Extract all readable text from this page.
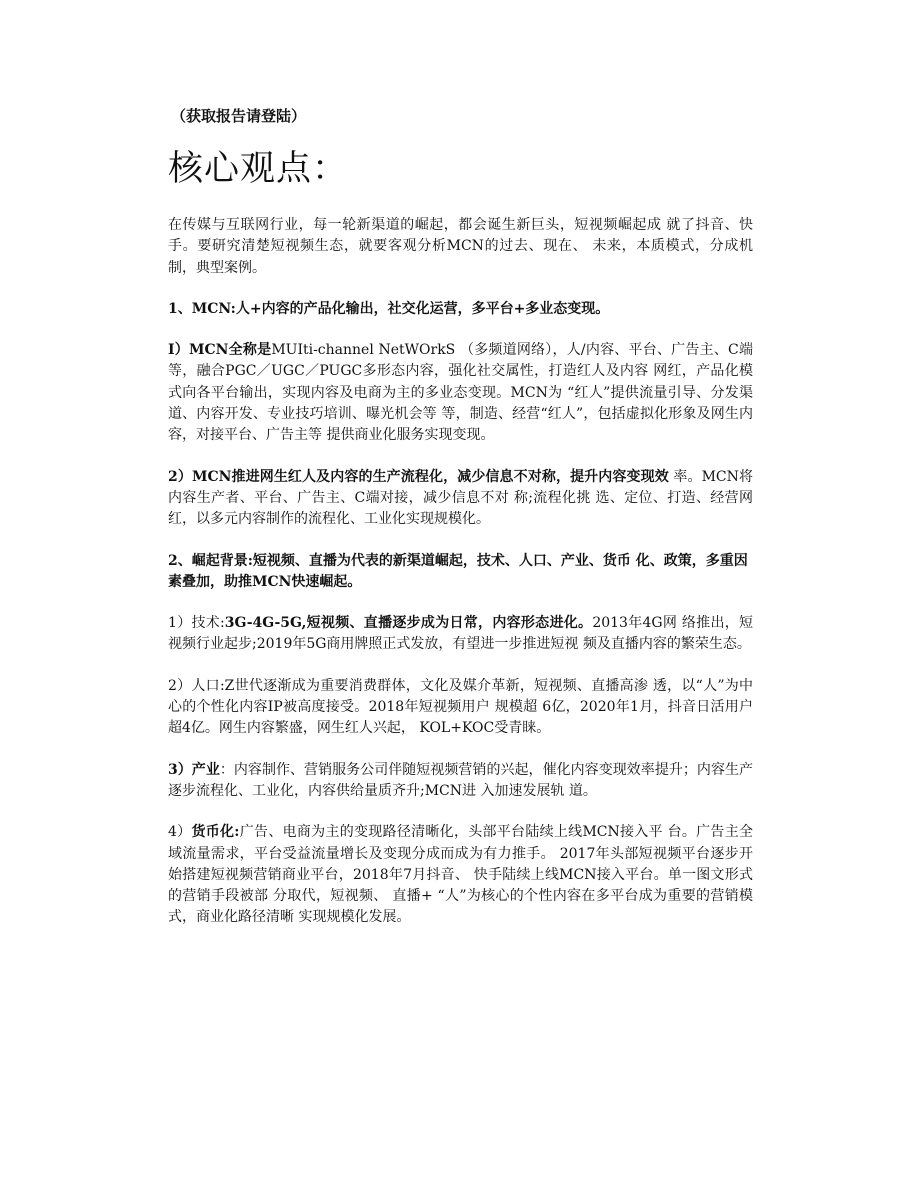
（获取报告请登陆）
核心观点：

在传媒与互联网行业，每一轮新渠道的崛起，都会诞生新巨头，短视频崛起成 就了抖音、快手。要研究清楚短视频生态，就要客观分析MCN的过去、现在、 未来，本质模式，分成机制，典型案例。

1、MCN:人+内容的产品化输出，社交化运营，多平台+多业态变现。

I）MCN全称是MUIti-channel NetWOrkS （多频道网络），人/内容、平台、广告主、C端等，融合PGC／UGC／PUGC多形态内容，强化社交属性，打造红人及内容 网红，产品化模式向各平台输出，实现内容及电商为主的多业态变现。MCN为 “红人”提供流量引导、分发渠道、内容开发、专业技巧培训、曝光机会等 等，制造、经营“红人”，包括虚拟化形象及网生内容，对接平台、广告主等 提供商业化服务实现变现。

2）MCN推进网生红人及内容的生产流程化，减少信息不对称，提升内容变现效 率。MCN将内容生产者、平台、广告主、C端对接，减少信息不对 称;流程化挑 选、定位、打造、经营网红，以多元内容制作的流程化、工业化实现规模化。

2、崛起背景:短视频、直播为代表的新渠道崛起，技术、人口、产业、货币 化、政策，多重因素叠加，助推MCN快速崛起。

1）技术:3G-4G-5G,短视频、直播逐步成为日常，内容形态进化。2013年4G网 络推出，短视频行业起步;2019年5G商用牌照正式发放，有望进一步推进短视 频及直播内容的繁荣生态。

2）人口:Z世代逐渐成为重要消费群体，文化及媒介革新，短视频、直播高渗 透，以“人”为中心的个性化内容IP被高度接受。2018年短视频用户 规模超 6亿，2020年1月，抖音日活用户超4亿。网生内容繁盛，网生红人兴起， KOL+KOC受青睐。

3）产业：内容制作、营销服务公司伴随短视频营销的兴起，催化内容变现效率提升；内容生产逐步流程化、工业化，内容供给量质齐升;MCN进 入加速发展轨 道。

4）货币化:广告、电商为主的变现路径清晰化，头部平台陆续上线MCN接入平 台。广告主全域流量需求，平台受益流量增长及变现分成而成为有力推手。 2017年头部短视频平台逐步开始搭建短视频营销商业平台，2018年7月抖音、 快手陆续上线MCN接入平台。单一图文形式的营销手段被部 分取代，短视频、 直播+ “人”为核心的个性内容在多平台成为重要的营销模式，商业化路径清晰 实现规模化发展。
